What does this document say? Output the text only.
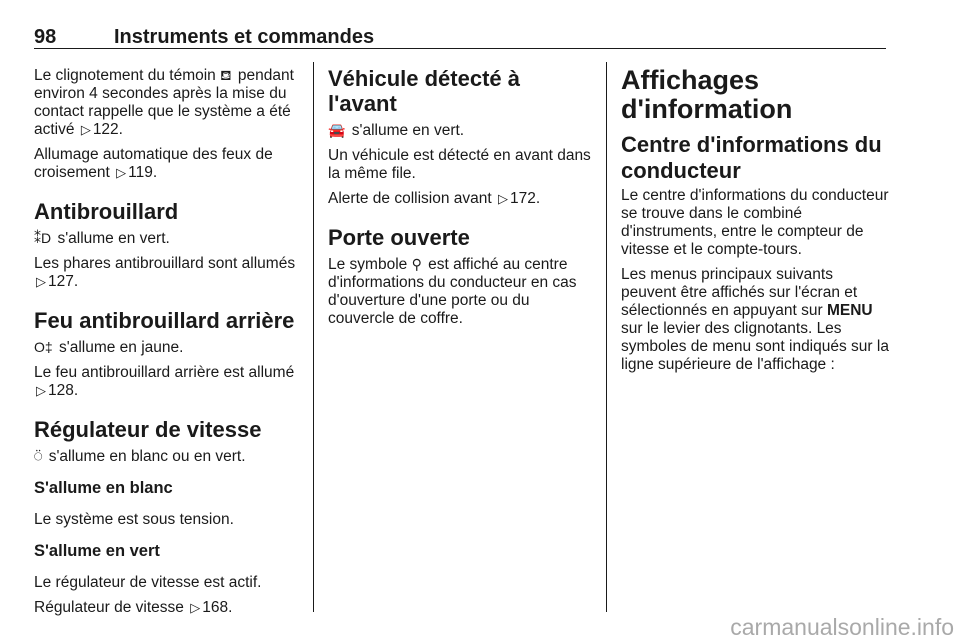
98	Instruments et commandes

Le clignotement du témoin ⛾ pendant environ 4 secondes après la mise du contact rappelle que le système a été activé ▷ 122.

Allumage automatique des feux de croisement ▷ 119.

Antibrouillard

⁑D s'allume en vert.

Les phares antibrouillard sont allumés ▷ 127.

Feu antibrouillard arrière

O‡ s'allume en jaune.

Le feu antibrouillard arrière est allumé ▷ 128.

Régulateur de vitesse

⍥ s'allume en blanc ou en vert.

S'allume en blanc

Le système est sous tension.

S'allume en vert

Le régulateur de vitesse est actif.

Régulateur de vitesse ▷ 168.

Véhicule détecté à l'avant

🚘 s'allume en vert.

Un véhicule est détecté en avant dans la même file.

Alerte de collision avant ▷ 172.

Porte ouverte

Le symbole ⚲ est affiché au centre d'informations du conducteur en cas d'ouverture d'une porte ou du couvercle de coffre.

Affichages d'information
Centre d'informations du conducteur

Le centre d'informations du conducteur se trouve dans le combiné d'instruments, entre le compteur de vitesse et le compte-tours.

Les menus principaux suivants peuvent être affichés sur l'écran et sélectionnés en appuyant sur MENU sur le levier des clignotants. Les symboles de menu sont indiqués sur la ligne supérieure de l'affichage :

carmanualsonline.info
